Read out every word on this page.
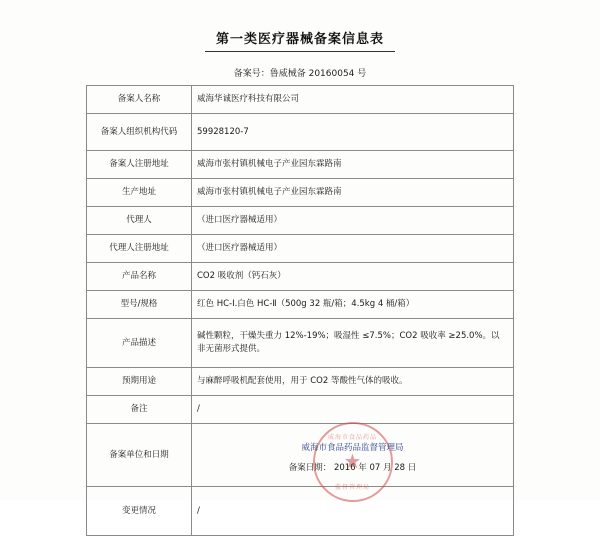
第一类医疗器械备案信息表
备案号：鲁威械备 20160054 号
备案人名称	威海华诚医疗科技有限公司
备案人组织机构代码	59928120-7
备案人注册地址	威海市张村镇机械电子产业园东霖路南
生产地址	威海市张村镇机械电子产业园东霖路南
代理人	（进口医疗器械适用）
代理人注册地址	（进口医疗器械适用）
产品名称	CO2 吸收剂（钙石灰）
型号/规格	红色 HC-I.白色 HC-Ⅱ（500g 32 瓶/箱；4.5kg 4 桶/箱）
产品描述	碱性颗粒，干燥失重力 12%-19%；吸湿性 ≤7.5%；CO2 吸收率 ≥25.0%。以非无菌形式提供。
预期用途	与麻醉呼吸机配套使用，用于 CO2 等酸性气体的吸收。
备注	/
备案单位和日期	威海市食品药品
监督管理局
★
威海市食品药品监督管理局
备案日期： 2016 年 07 月 28 日

变更情况	/
